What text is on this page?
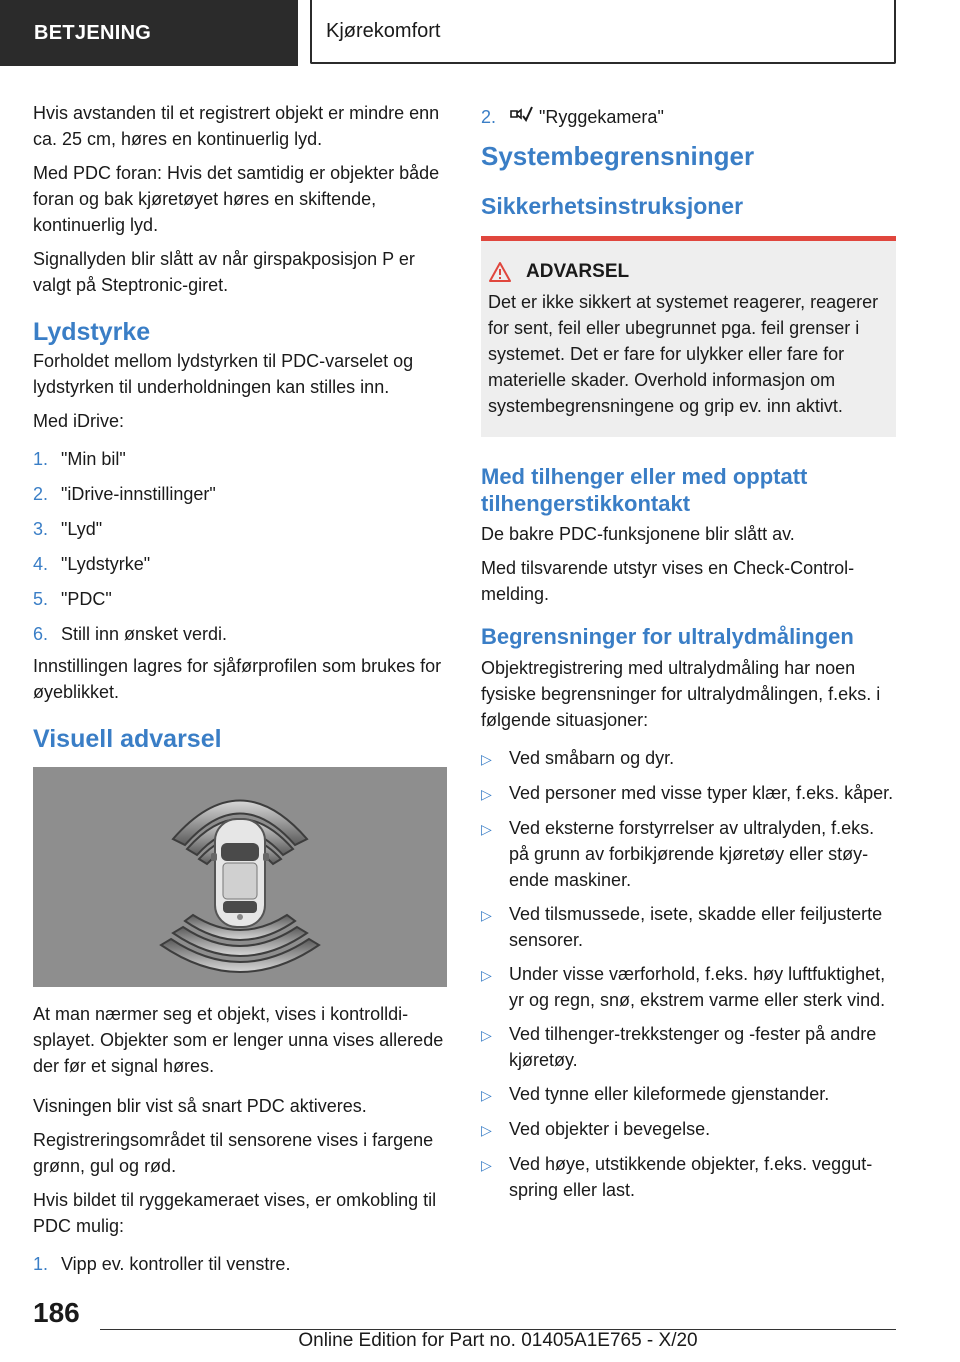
BETJENING	Kjørekomfort

Hvis avstanden til et registrert objekt er mindre enn ca. 25 cm, høres en kontinuerlig lyd.

Med PDC foran: Hvis det samtidig er objekter både foran og bak kjøretøyet høres en skiftende, kontinuerlig lyd.

Signallyden blir slått av når girspakposisjon P er valgt på Steptronic-giret.

Lydstyrke

Forholdet mellom lydstyrken til PDC-varselet og lydstyrken til underholdningen kan stilles inn.

Med iDrive:

1. "Min bil"
2. "iDrive-innstillinger"
3. "Lyd"
4. "Lydstyrke"
5. "PDC"
6. Still inn ønsket verdi.

Innstillingen lagres for sjåførprofilen som brukes for øyeblikket.

Visuell advarsel

At man nærmer seg et objekt, vises i kontrolldisplayet. Objekter som er lenger unna vises allerede der før et signal høres.

Visningen blir vist så snart PDC aktiveres.

Registreringsområdet til sensorene vises i fargene grønn, gul og rød.

Hvis bildet til ryggekameraet vises, er omkobling til PDC mulig:

1. Vipp ev. kontroller til venstre.
2.	"Ryggekamera"
Systembegrensninger
Sikkerhetsinstruksjoner
ADVARSEL

Det er ikke sikkert at systemet reagerer, reagerer for sent, feil eller ubegrunnet pga. feil grenser i systemet. Det er fare for ulykker eller fare for materielle skader. Overhold informasjon om systembegrensningene og grip ev. inn aktivt.

Med tilhenger eller med opptatt tilhengerstikkontakt

De bakre PDC-funksjonene blir slått av.

Med tilsvarende utstyr vises en Check-Control-melding.

Begrensninger for ultralydmålingen

Objektregistrering med ultralydmåling har noen fysiske begrensninger for ultralydmålingen, f.eks. i følgende situasjoner:

▷ Ved småbarn og dyr.
▷ Ved personer med visse typer klær, f.eks. kåper.
▷ Ved eksterne forstyrrelser av ultralyden, f.eks. på grunn av forbikjørende kjøretøy eller støyende maskiner.
▷ Ved tilsmussede, isete, skadde eller feiljusterte sensorer.
▷ Under visse værforhold, f.eks. høy luftfuktighet, yr og regn, snø, ekstrem varme eller sterk vind.
▷ Ved tilhenger-trekkstenger og -fester på andre kjøretøy.
▷ Ved tynne eller kileformede gjenstander.
▷ Ved objekter i bevegelse.
▷ Ved høye, utstikkende objekter, f.eks. veggutspring eller last.
186
Online Edition for Part no. 01405A1E765 - X/20
